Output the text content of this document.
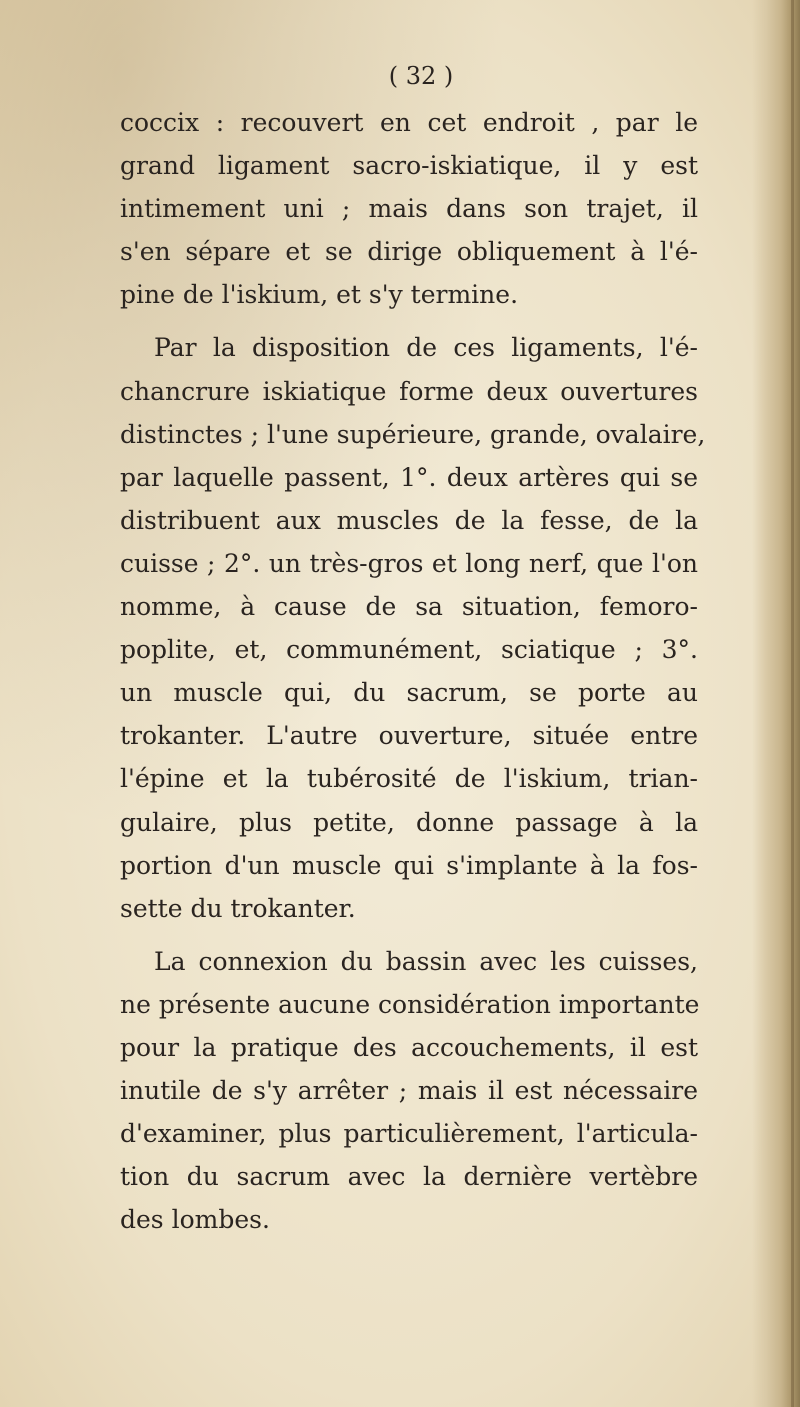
( 32 )
coccix : recouvert en cet endroit , par le
grand ligament sacro-iskiatique, il y est
intimement uni ; mais dans son trajet, il
s'en sépare et se dirige obliquement à l'é-
pine de l'iskium, et s'y termine.
Par la disposition de ces ligaments, l'é-
chancrure iskiatique forme deux ouvertures
distinctes ; l'une supérieure, grande, ovalaire,
par laquelle passent, 1°. deux artères qui se
distribuent aux muscles de la fesse, de la
cuisse ; 2°. un très-gros et long nerf, que l'on
nomme, à cause de sa situation, femoro-
poplite, et, communément, sciatique ; 3°.
un muscle qui, du sacrum, se porte au
trokanter. L'autre ouverture, située entre
l'épine et la tubérosité de l'iskium, trian-
gulaire, plus petite, donne passage à la
portion d'un muscle qui s'implante à la fos-
sette du trokanter.
La connexion du bassin avec les cuisses,
ne présente aucune considération importante
pour la pratique des accouchements, il est
inutile de s'y arrêter ; mais il est nécessaire
d'examiner, plus particulièrement, l'articula-
tion du sacrum avec la dernière vertèbre
des lombes.
